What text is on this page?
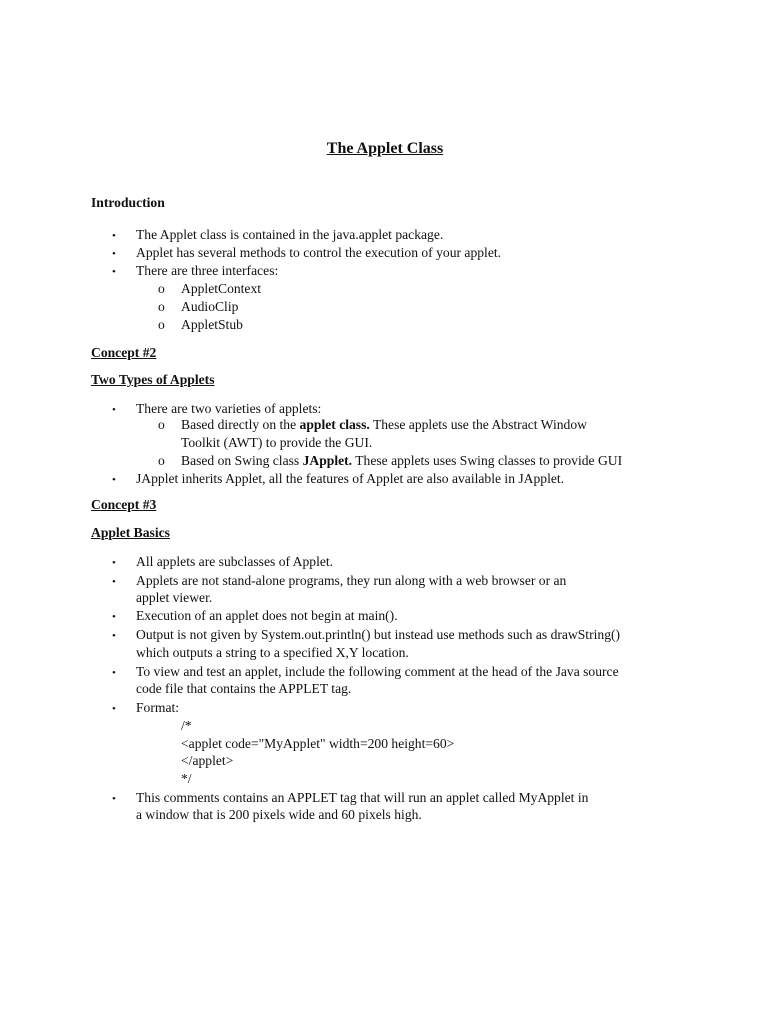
The Applet Class
Introduction
• The Applet class is contained in the java.applet package.
• Applet has several methods to control the execution of your applet.
• There are three interfaces:
o AppletContext
o AudioClip
o AppletStub
Concept #2
Two Types of Applets
• There are two varieties of applets:
o Based directly on the applet class. These applets use the Abstract Window
Toolkit (AWT) to provide the GUI.
o Based on Swing class JApplet. These applets uses Swing classes to provide GUI
• JApplet inherits Applet, all the features of Applet are also available in JApplet.
Concept #3
Applet Basics
• All applets are subclasses of Applet.
• Applets are not stand-alone programs, they run along with a web browser or an
applet viewer.
• Execution of an applet does not begin at main().
• Output is not given by System.out.println() but instead use methods such as drawString()
which outputs a string to a specified X,Y location.
• To view and test an applet, include the following comment at the head of the Java source
code file that contains the APPLET tag.
• Format:
/*
<applet code="MyApplet" width=200 height=60>
</applet>
*/
• This comments contains an APPLET tag that will run an applet called MyApplet in
a window that is 200 pixels wide and 60 pixels high.
